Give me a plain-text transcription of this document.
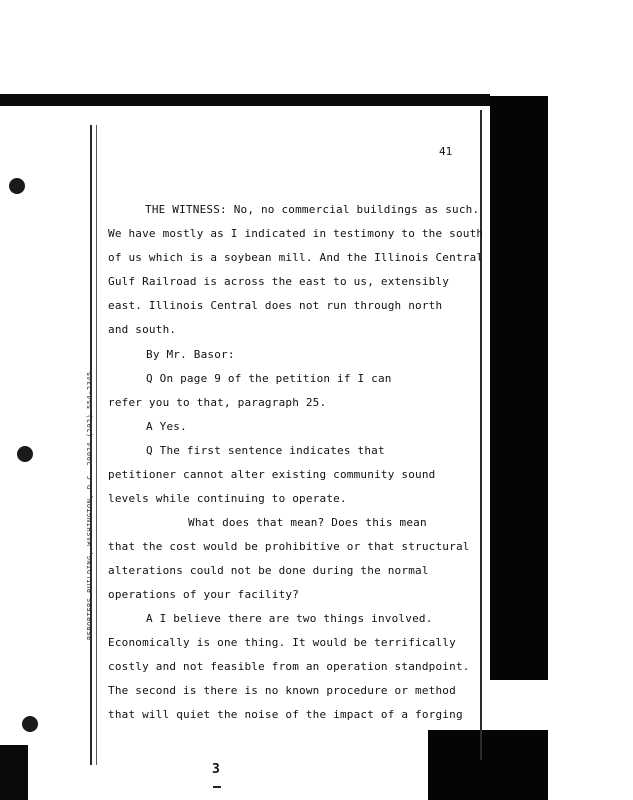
REPORTERS BUILDING, WASHINGTON, D.C. 20024 (202) 554-2345
41
THE WITNESS: No, no commercial buildings as such.
We have mostly as I indicated in testimony to the south
of us which is a soybean mill. And the Illinois Central
Gulf Railroad is across the east to us, extensibly
east. Illinois Central does not run through north
and south.
By Mr. Basor:
Q On page 9 of the petition if I can
refer you to that, paragraph 25.
A Yes.
Q The first sentence indicates that
petitioner cannot alter existing community sound
levels while continuing to operate.
What does that mean? Does this mean
that the cost would be prohibitive or that structural
alterations could not be done during the normal
operations of your facility?
A I believe there are two things involved.
Economically is one thing. It would be terrifically
costly and not feasible from an operation standpoint.
The second is there is no known procedure or method
that will quiet the noise of the impact of a forging
3
